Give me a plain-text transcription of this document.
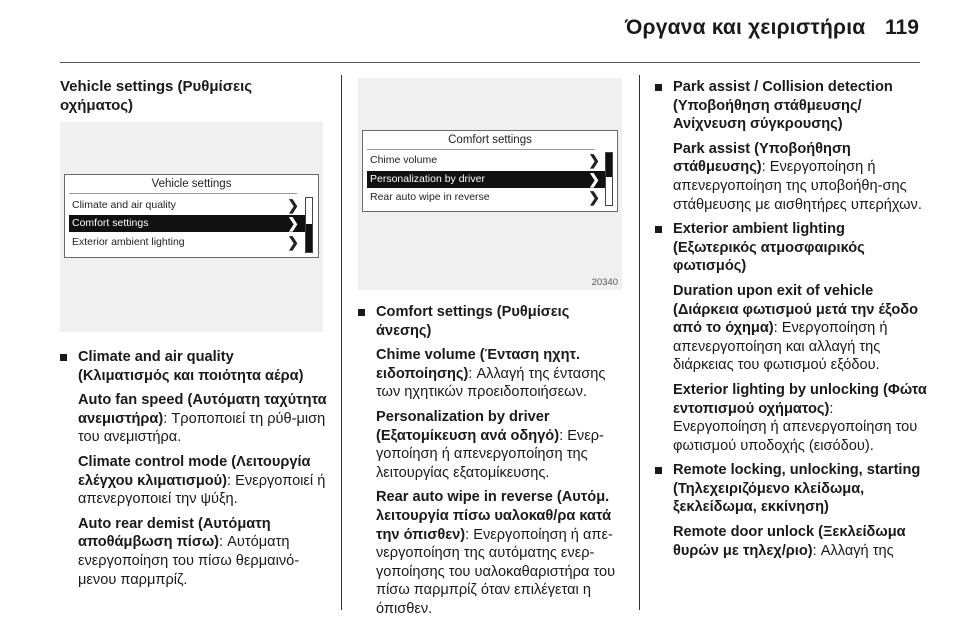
Όργανα και χειριστήρια 119
Vehicle settings (Ρυθμίσεις
οχήματος)
Vehicle settings
Climate and air quality	❯
Comfort settings	❯
Exterior ambient lighting	❯
Comfort settings
Chime volume	❯
Personalization by driver	❯
Rear auto wipe in reverse	❯
20340

Climate and air quality
(Κλιματισμός και ποιότητα αέρα)

Auto fan speed (Αυτόματη ταχύτητα ανεμιστήρα): Τροποποιεί τη ρύθ-μιση του ανεμιστήρα.

Climate control mode (Λειτουργία ελέγχου κλιματισμού): Ενεργοποιεί ή απενεργοποιεί την ψύξη.

Auto rear demist (Αυτόματη αποθάμβωση πίσω): Αυτόματη ενεργοποίηση του πίσω θερμαινό-μενου παρμπρίζ.

Comfort settings (Ρυθμίσεις
άνεσης)

Chime volume (Ένταση ηχητ. ειδοποίησης): Αλλαγή της έντασης των ηχητικών προειδοποιήσεων.

Personalization by driver (Εξατομίκευση ανά οδηγό): Ενερ-γοποίηση ή απενεργοποίηση της λειτουργίας εξατομίκευσης.

Rear auto wipe in reverse (Αυτόμ. λειτουργία πίσω υαλοκαθ/ρα κατά την όπισθεν): Ενεργοποίηση ή απε-νεργοποίηση της αυτόματης ενερ-γοποίησης του υαλοκαθαριστήρα του πίσω παρμπρίζ όταν επιλέγεται η όπισθεν.

Park assist / Collision detection (Υποβοήθηση στάθμευσης/ Ανίχνευση σύγκρουσης)

Park assist (Υποβοήθηση στάθμευσης): Ενεργοποίηση ή απενεργοποίηση της υποβοήθη-σης στάθμευσης με αισθητήρες υπερήχων.

Exterior ambient lighting (Εξωτερικός ατμοσφαιρικός φωτισμός)

Duration upon exit of vehicle (Διάρκεια φωτισμού μετά την έξοδο από το όχημα): Ενεργοποίηση ή απενεργοποίηση και αλλαγή της διάρκειας του φωτισμού εξόδου.

Exterior lighting by unlocking (Φώτα εντοπισμού οχήματος): Ενεργοποίηση ή απενεργοποίηση του φωτισμού υποδοχής (εισόδου).

Remote locking, unlocking, starting (Τηλεχειριζόμενο κλείδωμα, ξεκλείδωμα, εκκίνηση)

Remote door unlock (Ξεκλείδωμα θυρών με τηλεχ/ριο): Αλλαγή της
